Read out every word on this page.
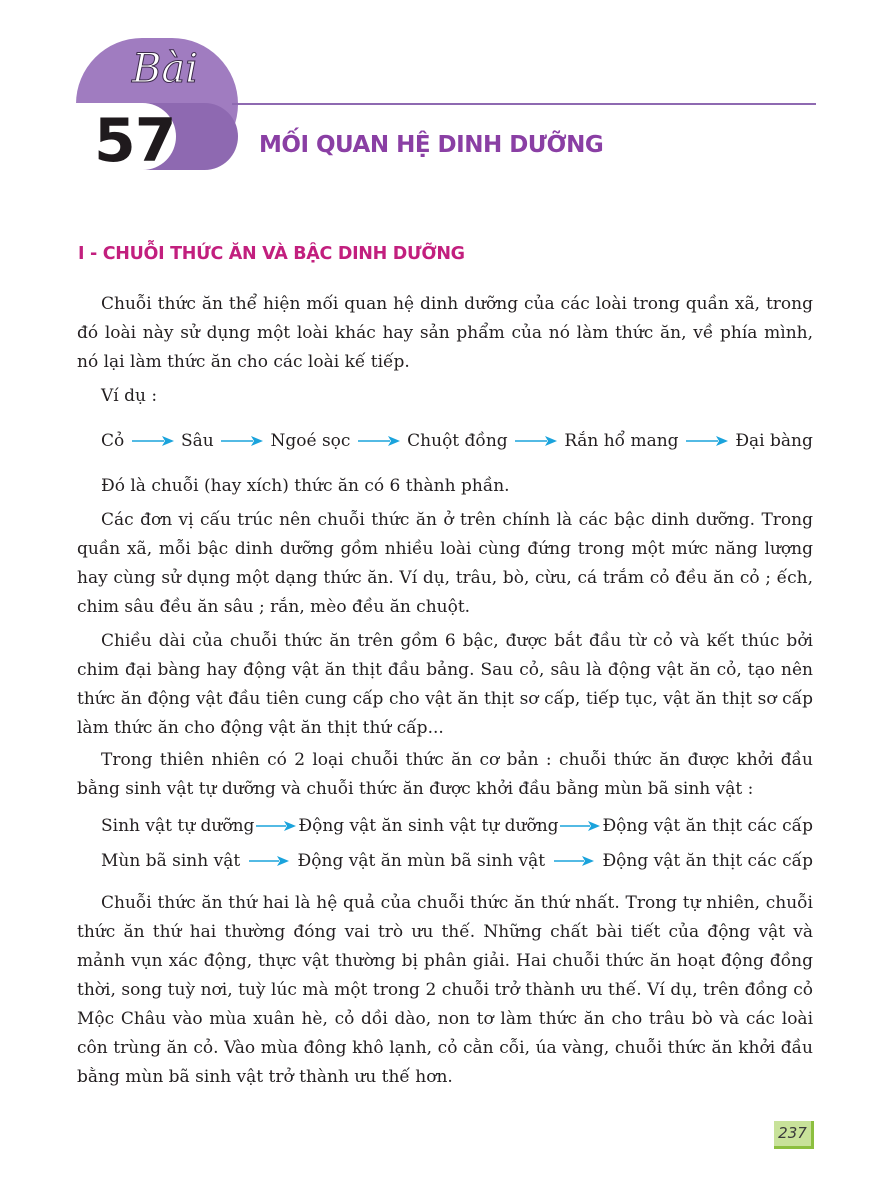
Bài
57	MỐI QUAN HỆ DINH DƯỠNG
I - CHUỖI THỨC ĂN VÀ BẬC DINH DƯỠNG

Chuỗi thức ăn thể hiện mối quan hệ dinh dưỡng của các loài trong quần xã, trong đó loài này sử dụng một loài khác hay sản phẩm của nó làm thức ăn, về phía mình, nó lại làm thức ăn cho các loài kế tiếp.

Ví dụ :

Cỏ	Sâu	Ngoé sọc	Chuột đồng	Rắn hổ mang	Đại bàng

Đó là chuỗi (hay xích) thức ăn có 6 thành phần.

Các đơn vị cấu trúc nên chuỗi thức ăn ở trên chính là các bậc dinh dưỡng. Trong quần xã, mỗi bậc dinh dưỡng gồm nhiều loài cùng đứng trong một mức năng lượng hay cùng sử dụng một dạng thức ăn. Ví dụ, trâu, bò, cừu, cá trắm cỏ đều ăn cỏ ; ếch, chim sâu đều ăn sâu ; rắn, mèo đều ăn chuột.

Chiều dài của chuỗi thức ăn trên gồm 6 bậc, được bắt đầu từ cỏ và kết thúc bởi chim đại bàng hay động vật ăn thịt đầu bảng. Sau cỏ, sâu là động vật ăn cỏ, tạo nên thức ăn động vật đầu tiên cung cấp cho vật ăn thịt sơ cấp, tiếp tục, vật ăn thịt sơ cấp làm thức ăn cho động vật ăn thịt thứ cấp...

Trong thiên nhiên có 2 loại chuỗi thức ăn cơ bản : chuỗi thức ăn được khởi đầu bằng sinh vật tự dưỡng và chuỗi thức ăn được khởi đầu bằng mùn bã sinh vật :

Sinh vật tự dưỡng	Động vật ăn sinh vật tự dưỡng	Động vật ăn thịt các cấp
Mùn bã sinh vật	Động vật ăn mùn bã sinh vật	Động vật ăn thịt các cấp

Chuỗi thức ăn thứ hai là hệ quả của chuỗi thức ăn thứ nhất. Trong tự nhiên, chuỗi thức ăn thứ hai thường đóng vai trò ưu thế. Những chất bài tiết của động vật và mảnh vụn xác động, thực vật thường bị phân giải. Hai chuỗi thức ăn hoạt động đồng thời, song tuỳ nơi, tuỳ lúc mà một trong 2 chuỗi trở thành ưu thế. Ví dụ, trên đồng cỏ Mộc Châu vào mùa xuân hè, cỏ dồi dào, non tơ làm thức ăn cho trâu bò và các loài côn trùng ăn cỏ. Vào mùa đông khô lạnh, cỏ cằn cỗi, úa vàng, chuỗi thức ăn khởi đầu bằng mùn bã sinh vật trở thành ưu thế hơn.

237
